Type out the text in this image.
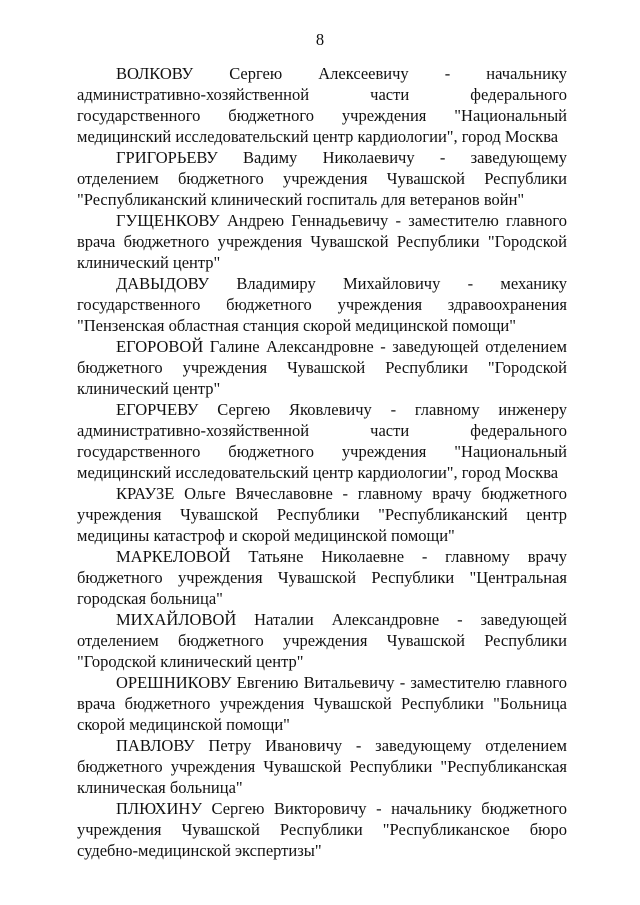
8

ВОЛКОВУ Сергею Алексеевичу - начальнику административно-хозяйственной части федерального государственного бюджетного учреждения "Национальный медицинский исследовательский центр кардиологии", город Москва

ГРИГОРЬЕВУ Вадиму Николаевичу - заведующему отделением бюджетного учреждения Чувашской Республики "Республиканский клинический госпиталь для ветеранов войн"

ГУЩЕНКОВУ Андрею Геннадьевичу - заместителю главного врача бюджетного учреждения Чувашской Республики "Городской клинический центр"

ДАВЫДОВУ Владимиру Михайловичу - механику государственного бюджетного учреждения здравоохранения "Пензенская областная станция скорой медицинской помощи"

ЕГОРОВОЙ Галине Александровне - заведующей отделением бюджетного учреждения Чувашской Республики "Городской клинический центр"

ЕГОРЧЕВУ Сергею Яковлевичу - главному инженеру административно-хозяйственной части федерального государственного бюджетного учреждения "Национальный медицинский исследовательский центр кардиологии", город Москва

КРАУЗЕ Ольге Вячеславовне - главному врачу бюджетного учреждения Чувашской Республики "Республиканский центр медицины катастроф и скорой медицинской помощи"

МАРКЕЛОВОЙ Татьяне Николаевне - главному врачу бюджетного учреждения Чувашской Республики "Центральная городская больница"

МИХАЙЛОВОЙ Наталии Александровне - заведующей отделением бюджетного учреждения Чувашской Республики "Городской клинический центр"

ОРЕШНИКОВУ Евгению Витальевичу - заместителю главного врача бюджетного учреждения Чувашской Республики "Больница скорой медицинской помощи"

ПАВЛОВУ Петру Ивановичу - заведующему отделением бюджетного учреждения Чувашской Республики "Республиканская клиническая больница"

ПЛЮХИНУ Сергею Викторовичу - начальнику бюджетного учреждения Чувашской Республики "Республиканское бюро судебно-медицинской экспертизы"
